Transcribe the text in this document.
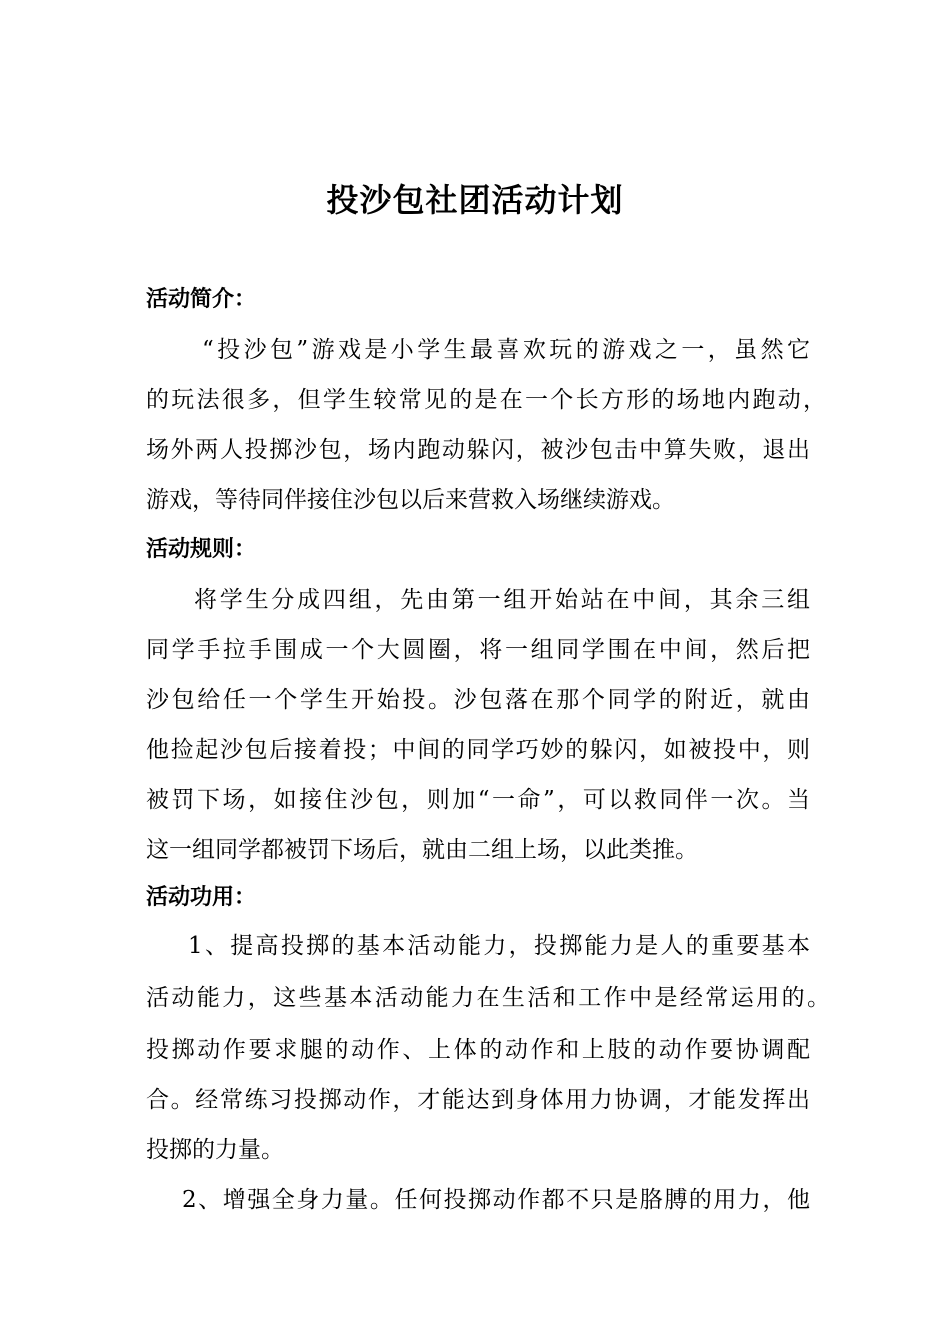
投沙包社团活动计划
活动简介：
“投沙包”游戏是小学生最喜欢玩的游戏之一，虽然它
的玩法很多，但学生较常见的是在一个长方形的场地内跑动，
场外两人投掷沙包，场内跑动躲闪，被沙包击中算失败，退出
游戏，等待同伴接住沙包以后来营救入场继续游戏。
活动规则：
将学生分成四组，先由第一组开始站在中间，其余三组
同学手拉手围成一个大圆圈，将一组同学围在中间，然后把
沙包给任一个学生开始投。沙包落在那个同学的附近，就由
他捡起沙包后接着投；中间的同学巧妙的躲闪，如被投中，则
被罚下场，如接住沙包，则加“一命”，可以救同伴一次。当
这一组同学都被罚下场后，就由二组上场，以此类推。
活动功用：
1、提高投掷的基本活动能力，投掷能力是人的重要基本
活动能力，这些基本活动能力在生活和工作中是经常运用的。
投掷动作要求腿的动作、上体的动作和上肢的动作要协调配
合。经常练习投掷动作，才能达到身体用力协调，才能发挥出
投掷的力量。
2、增强全身力量。任何投掷动作都不只是胳膊的用力，他
